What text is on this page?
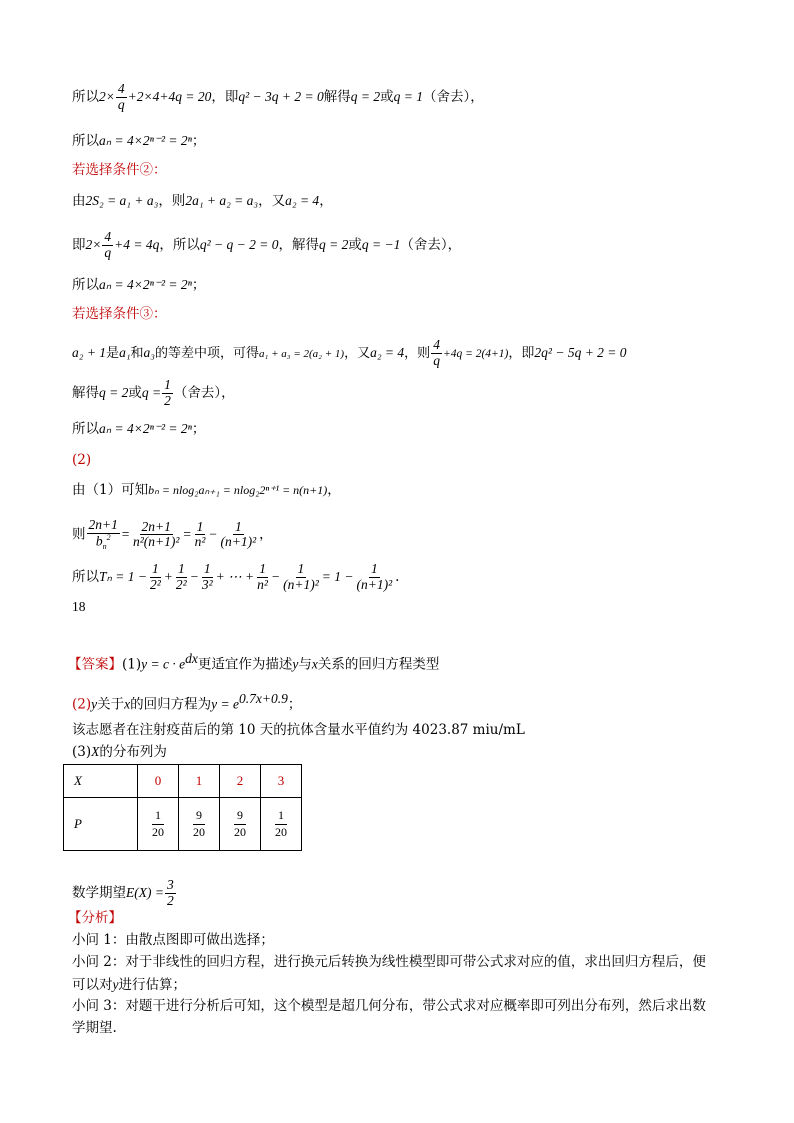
所以$2\times \frac{4}{q} +2\times 4+4q = 20$，即q² − 3q + 2 = 0解得q = 2或q = 1（舍去），
所以aₙ = 4×2ⁿ⁻² = 2ⁿ；
若选择条件②：
由2S₂ = a₁ + a₃，则2a₁ + a₂ = a₃，又a₂ = 4，
即$2\times \frac{4}{q} +4 = 4q$，所以q² − q − 2 = 0，解得q = 2或q = −1（舍去），
所以aₙ = 4×2ⁿ⁻² = 2ⁿ；
若选择条件③：
a₂ + 1是a₁和a₃的等差中项，可得a₁ + a₃ = 2(a₂ + 1)，又a₂ = 4，则 $\frac{4}{q} +4q = 2(4+1)$，即2q² − 5q + 2 = 0
解得q = 2或$q = \frac{1}{2}$ （舍去），
所以aₙ = 4×2ⁿ⁻² = 2ⁿ；
(2)
由（1）可知bₙ = nlog₂aₙ₊₁ = nlog₂2ⁿ⁺¹ = n(n+1)，
则 $\frac{2n+1}{b_n^2} = \frac{2n+1}{\text{n²(n+1)²}} = \frac{1}{\text{n²}} - \frac{1}{\text{(n+1)²}}$ ，
所以$T_n = 1 - \frac{1}{\text{2²}} + \frac{1}{\text{2²}} - \frac{1}{\text{3²}}$ + ⋯ + $\frac{1}{\text{n²}} - \frac{1}{\text{(n+1)²}} = 1 - \frac{1}{\text{(n+1)²}}$ .
18
【答案】$(1)y = c \cdot e^{dx}$更适宜作为描述y与x关系的回归方程类型
(2)y关于x的回归方程为$y = e^{0.7x+0.9}$；
该志愿者在注射疫苗后的第 10 天的抗体含量水平值约为 4023.87 miu/mL
(3)X的分布列为
X	0	1	2	3
P	$\frac{1}{20}$	$\frac{9}{20}$	$\frac{9}{20}$	$\frac{1}{20}$
数学期望$E(X) = \frac{3}{2}$
【分析】
小问 1：由散点图即可做出选择；
小问 2：对于非线性的回归方程，进行换元后转换为线性模型即可带公式求对应的值，求出回归方程后，便
可以对y进行估算；
小问 3：对题干进行分析后可知，这个模型是超几何分布，带公式求对应概率即可列出分布列，然后求出数
学期望.
